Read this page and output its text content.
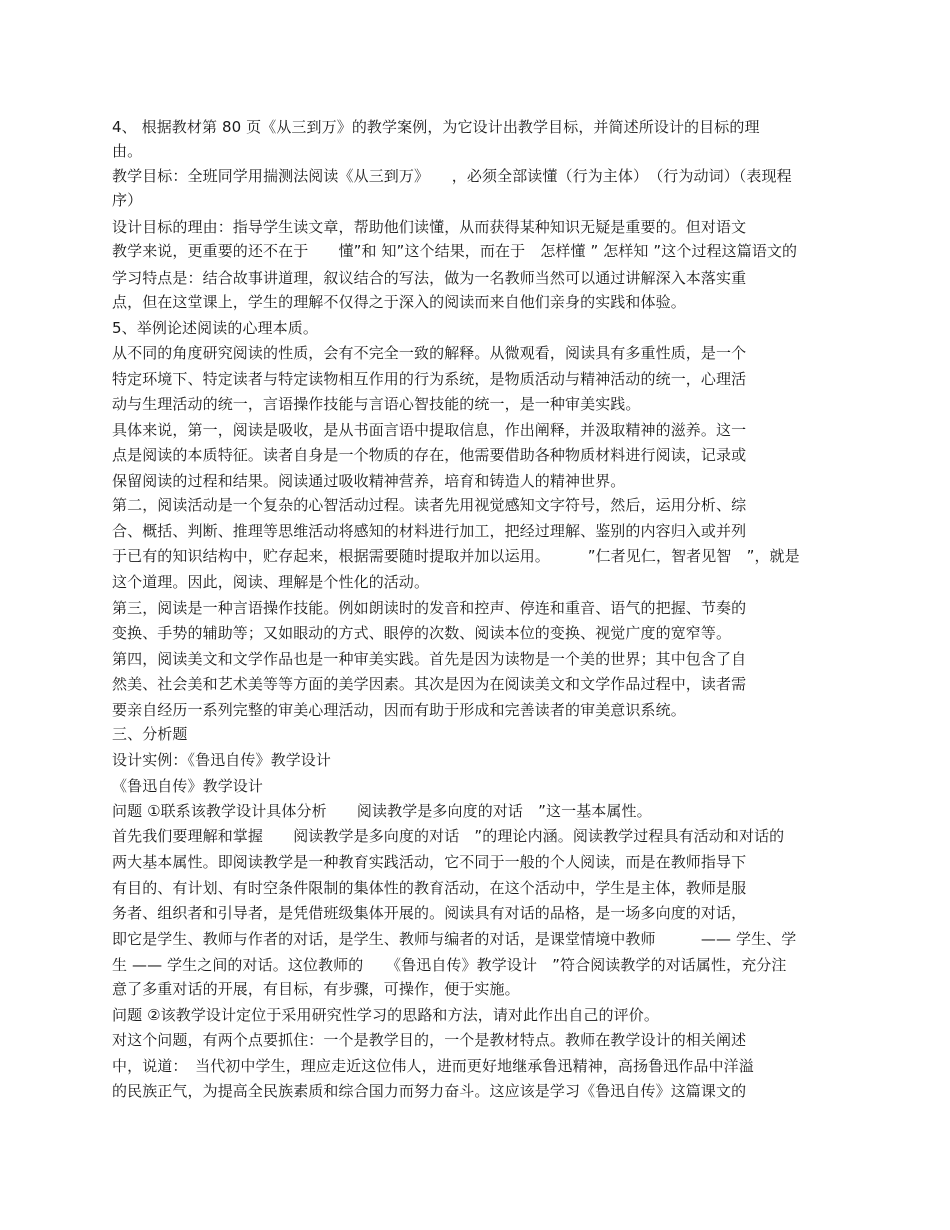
4、 根据教材第 80 页《从三到万》的教学案例，为它设计出教学目标，并简述所设计的目标的理
由。
教学目标：全班同学用揣测法阅读《从三到万》　　，必须全部读懂（行为主体）　（行为动词）（表现程
序）
设计目标的理由：指导学生读文章，帮助他们读懂，从而获得某种知识无疑是重要的。但对语文
教学来说，更重要的还不在于　　懂”和 知”这个结果，而在于　怎样懂 ” 怎样知 ”这个过程这篇语文的
学习特点是：结合故事讲道理，叙议结合的写法，做为一名教师当然可以通过讲解深入本落实重
点，但在这堂课上，学生的理解不仅得之于深入的阅读而来自他们亲身的实践和体验。
5、举例论述阅读的心理本质。
从不同的角度研究阅读的性质，会有不完全一致的解释。从微观看，阅读具有多重性质，是一个
特定环境下、特定读者与特定读物相互作用的行为系统，是物质活动与精神活动的统一，心理活
动与生理活动的统一，言语操作技能与言语心智技能的统一，是一种审美实践。
具体来说，第一，阅读是吸收，是从书面言语中提取信息，作出阐释，并汲取精神的滋养。这一
点是阅读的本质特征。读者自身是一个物质的存在，他需要借助各种物质材料进行阅读，记录或
保留阅读的过程和结果。阅读通过吸收精神营养，培育和铸造人的精神世界。
第二，阅读活动是一个复杂的心智活动过程。读者先用视觉感知文字符号，然后，运用分析、综
合、概括、判断、推理等思维活动将感知的材料进行加工，把经过理解、鉴别的内容归入或并列
于已有的知识结构中，贮存起来，根据需要随时提取并加以运用。　　　”仁者见仁，智者见智　”，就是
这个道理。因此，阅读、理解是个性化的活动。
第三，阅读是一种言语操作技能。例如朗读时的发音和控声、停连和重音、语气的把握、节奏的
变换、手势的辅助等；又如眼动的方式、眼停的次数、阅读本位的变换、视觉广度的宽窄等。
第四，阅读美文和文学作品也是一种审美实践。首先是因为读物是一个美的世界；其中包含了自
然美、社会美和艺术美等等方面的美学因素。其次是因为在阅读美文和文学作品过程中，读者需
要亲自经历一系列完整的审美心理活动，因而有助于形成和完善读者的审美意识系统。
三、分析题
设计实例：《鲁迅自传》教学设计
《鲁迅自传》教学设计
问题 ①联系该教学设计具体分析　　阅读教学是多向度的对话　”这一基本属性。
首先我们要理解和掌握　　阅读教学是多向度的对话　”的理论内涵。阅读教学过程具有活动和对话的
两大基本属性。即阅读教学是一种教育实践活动，它不同于一般的个人阅读，而是在教师指导下
有目的、有计划、有时空条件限制的集体性的教育活动，在这个活动中，学生是主体，教师是服
务者、组织者和引导者，是凭借班级集体开展的。阅读具有对话的品格，是一场多向度的对话，
即它是学生、教师与作者的对话，是学生、教师与编者的对话，是课堂情境中教师　　　—— 学生、学
生 —— 学生之间的对话。这位教师的　　《鲁迅自传》教学设计　”符合阅读教学的对话属性，充分注
意了多重对话的开展，有目标，有步骤，可操作，便于实施。
问题 ②该教学设计定位于采用研究性学习的思路和方法，请对此作出自己的评价。
对这个问题，有两个点要抓住：一个是教学目的，一个是教材特点。教师在教学设计的相关阐述
中，说道：　当代初中学生，理应走近这位伟人，进而更好地继承鲁迅精神，高扬鲁迅作品中洋溢
的民族正气，为提高全民族素质和综合国力而努力奋斗。这应该是学习《鲁迅自传》这篇课文的
